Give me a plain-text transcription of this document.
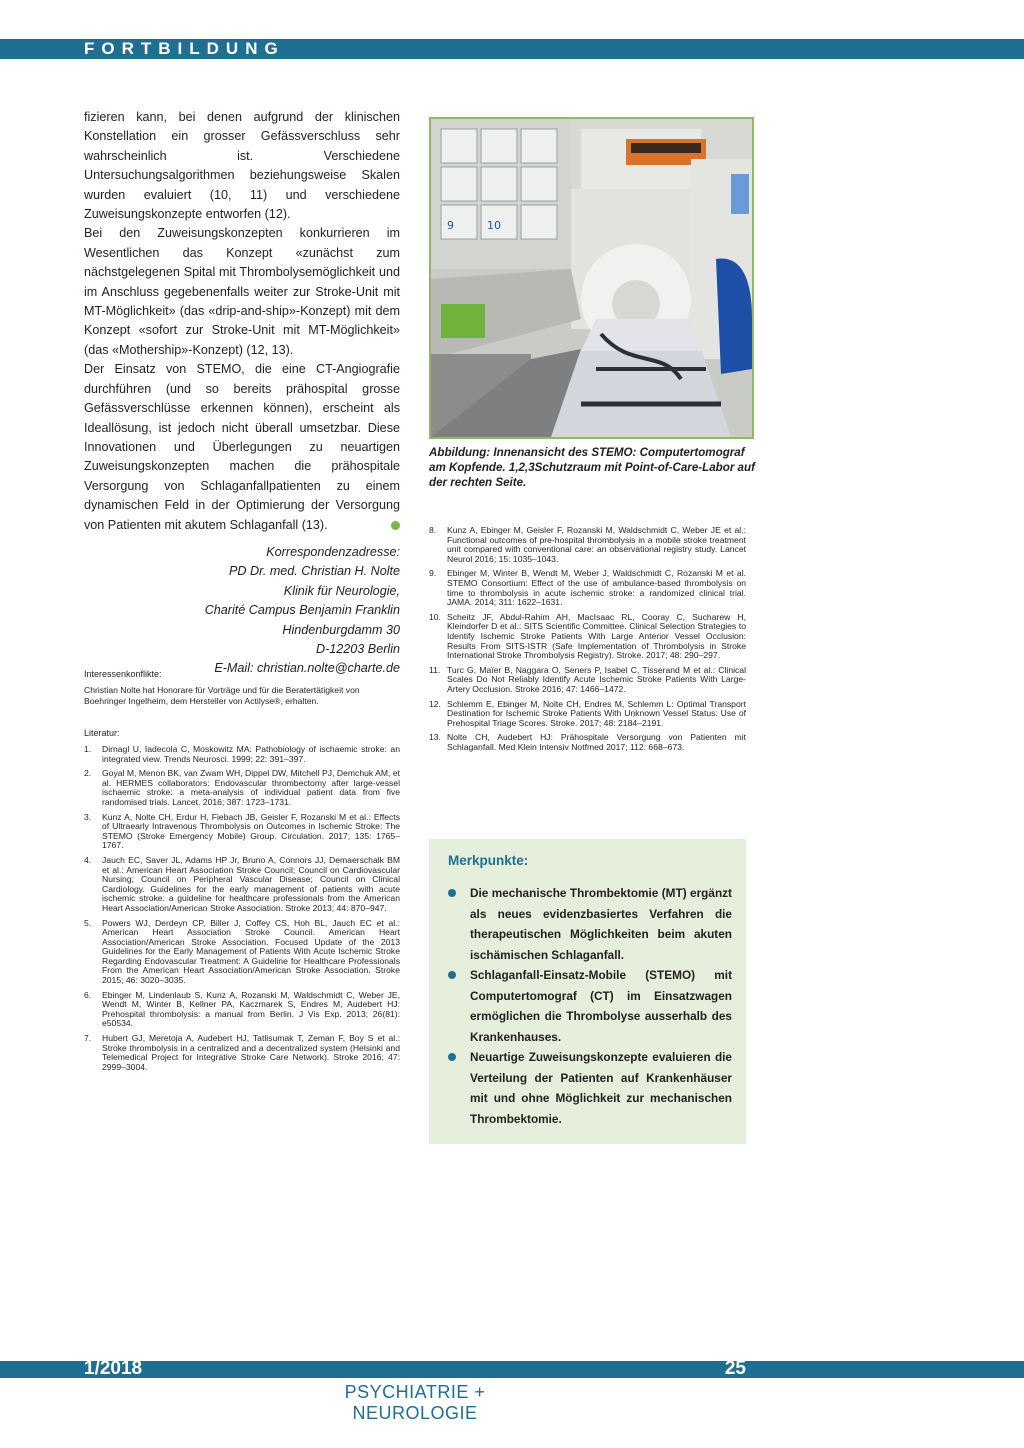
FORTBILDUNG

fizieren kann, bei denen aufgrund der klinischen Konstellation ein grosser Gefässverschluss sehr wahrscheinlich ist. Verschiedene Untersuchungsalgorithmen beziehungsweise Skalen wurden evaluiert (10, 11) und verschiedene Zuweisungskonzepte entworfen (12).

Bei den Zuweisungskonzepten konkurrieren im Wesentlichen das Konzept «zunächst zum nächstgelegenen Spital mit Thrombolysemöglichkeit und im Anschluss gegebenenfalls weiter zur Stroke-Unit mit MT-Möglichkeit» (das «drip-and-ship»-Konzept) mit dem Konzept «sofort zur Stroke-Unit mit MT-Möglichkeit» (das «Mothership»-Konzept) (12, 13).

Der Einsatz von STEMO, die eine CT-Angiografie durchführen (und so bereits prähospital grosse Gefässverschlüsse erkennen können), erscheint als Ideallösung, ist jedoch nicht überall umsetzbar. Diese Innovationen und Überlegungen zu neuartigen Zuweisungskonzepten machen die prähospitale Versorgung von Schlaganfallpatienten zu einem dynamischen Feld in der Optimierung der Versorgung von Patienten mit akutem Schlaganfall (13).

Korrespondenzadresse:
PD Dr. med. Christian H. Nolte
Klinik für Neurologie,
Charité Campus Benjamin Franklin
Hindenburgdamm 30
D-12203 Berlin
E-Mail: christian.nolte@charte.de

Interessenkonflikte:

Christian Nolte hat Honorare für Vorträge und für die Beratertätigkeit von Boehringer Ingelheim, dem Hersteller von Actilyse®, erhalten.

Literatur:

1.	Dirnagl U, Iadecola C, Moskowitz MA: Pathobiology of ischaemic stroke: an integrated view. Trends Neurosci. 1999; 22: 391–397.
2.	Goyal M, Menon BK, van Zwam WH, Dippel DW, Mitchell PJ, Demchuk AM, et al. HERMES collaborators: Endovascular thrombectomy after large-vessel ischaemic stroke: a meta-analysis of individual patient data from five randomised trials. Lancet. 2016; 387: 1723–1731.
3.	Kunz A, Nolte CH, Erdur H, Fiebach JB, Geisler F, Rozanski M et al.: Effects of Ultraearly Intravenous Thrombolysis on Outcomes in Ischemic Stroke: The STEMO (Stroke Emergency Mobile) Group. Circulation. 2017; 135: 1765–1767.
4.	Jauch EC, Saver JL, Adams HP Jr, Bruno A, Connors JJ, Demaerschalk BM et al.: American Heart Association Stroke Council; Council on Cardiovascular Nursing; Council on Peripheral Vascular Disease; Council on Clinical Cardiology. Guidelines for the early management of patients with acute ischemic stroke: a guideline for healthcare professionals from the American Heart Association/American Stroke Association. Stroke 2013; 44: 870–947.
5.	Powers WJ, Derdeyn CP, Biller J, Coffey CS, Hoh BL, Jauch EC et al.: American Heart Association Stroke Council. American Heart Association/American Stroke Association. Focused Update of the 2013 Guidelines for the Early Management of Patients With Acute Ischemic Stroke Regarding Endovascular Treatment: A Guideline for Healthcare Professionals From the American Heart Association/American Stroke Association. Stroke 2015; 46: 3020–3035.
6.	Ebinger M, Lindenlaub S, Kunz A, Rozanski M, Waldschmidt C, Weber JE, Wendt M, Winter B, Kellner PA, Kaczmarek S, Endres M, Audebert HJ: Prehospital thrombolysis: a manual from Berlin. J Vis Exp. 2013; 26(81): e50534.
7.	Hubert GJ, Meretoja A, Audebert HJ, Tatlisumak T, Zeman F, Boy S et al.: Stroke thrombolysis in a centralized and a decentralized system (Helsinki and Telemedical Project for Integrative Stroke Care Network). Stroke 2016; 47: 2999–3004.
9	10
Abbildung: Innenansicht des STEMO: Computertomograf am Kopfende. 1,2,3Schutzraum mit Point-of-Care-Labor auf der rechten Seite.
8.	Kunz A, Ebinger M, Geisler F, Rozanski M, Waldschmidt C, Weber JE et al.: Functional outcomes of pre-hospital thrombolysis in a mobile stroke treatment unit compared with conventional care: an observational registry study. Lancet Neurol 2016; 15: 1035–1043.
9.	Ebinger M, Winter B, Wendt M, Weber J, Waldschmidt C, Rozanski M et al. STEMO Consortium: Effect of the use of ambulance-based thrombolysis on time to thrombolysis in acute ischemic stroke: a randomized clinical trial. JAMA. 2014; 311: 1622–1631.
10. Scheitz JF, Abdul-Rahim AH, MacIsaac RL, Cooray C, Sucharew H, Kleindorfer D et al.: SITS Scientific Committee. Clinical Selection Strategies to Identify Ischemic Stroke Patients With Large Anterior Vessel Occlusion: Results From SITS-ISTR (Safe Implementation of Thrombolysis in Stroke International Stroke Thrombolysis Registry). Stroke. 2017; 48: 290–297.
11. Turc G, Maïer B, Naggara O, Seners P, Isabel C, Tisserand M et al.: Clinical Scales Do Not Reliably Identify Acute Ischemic Stroke Patients With Large-Artery Occlusion. Stroke 2016; 47: 1466–1472.
12. Schlemm E, Ebinger M, Nolte CH, Endres M, Schlemm L: Optimal Transport Destination for Ischemic Stroke Patients With Unknown Vessel Status: Use of Prehospital Triage Scores. Stroke. 2017; 48: 2184–2191.
13. Nolte CH, Audebert HJ: Prähospitale Versorgung von Patienten mit Schlaganfall. Med Klein Intensiv Notfmed 2017; 112: 668–673.

Merkpunkte:

Die mechanische Thrombektomie (MT) ergänzt als neues evidenzbasiertes Verfahren die therapeutischen Möglichkeiten beim akuten ischämischen Schlaganfall.
Schlaganfall-Einsatz-Mobile (STEMO) mit Computertomograf (CT) im Einsatzwagen ermöglichen die Thrombolyse ausserhalb des Krankenhauses.
Neuartige Zuweisungskonzepte evaluieren die Verteilung der Patienten auf Krankenhäuser mit und ohne Möglichkeit zur mechanischen Thrombektomie.
1/2018	25
PSYCHIATRIE + NEUROLOGIE
